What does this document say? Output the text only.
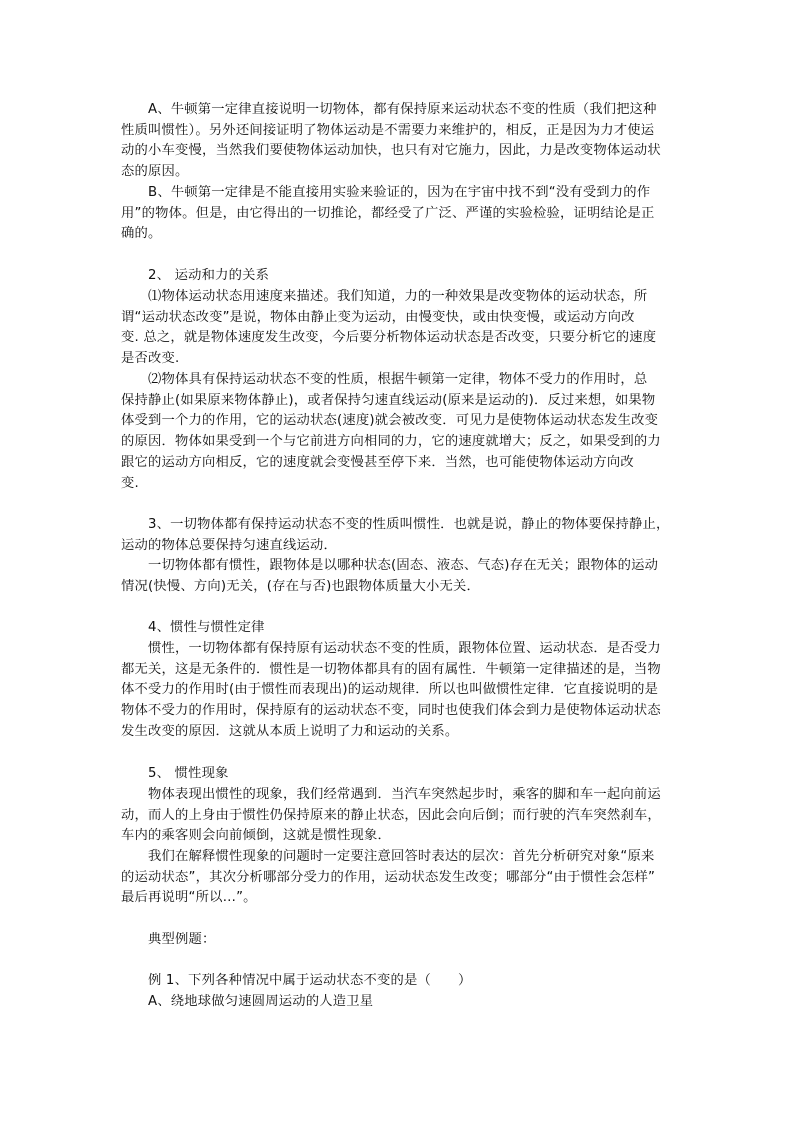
A、牛顿第一定律直接说明一切物体，都有保持原来运动状态不变的性质（我们把这种
性质叫惯性）。另外还间接证明了物体运动是不需要力来维护的，相反，正是因为力才使运
动的小车变慢，当然我们要使物体运动加快，也只有对它施力，因此，力是改变物体运动状
态的原因。
B、牛顿第一定律是不能直接用实验来验证的，因为在宇宙中找不到“没有受到力的作
用”的物体。但是，由它得出的一切推论，都经受了广泛、严谨的实验检验，证明结论是正
确的。
2、 运动和力的关系
⑴物体运动状态用速度来描述。我们知道，力的一种效果是改变物体的运动状态，所
谓“运动状态改变”是说，物体由静止变为运动，由慢变快，或由快变慢，或运动方向改
变. 总之，就是物体速度发生改变，今后要分析物体运动状态是否改变，只要分析它的速度
是否改变.
⑵物体具有保持运动状态不变的性质，根据牛顿第一定律，物体不受力的作用时，总
保持静止(如果原来物体静止)，或者保持匀速直线运动(原来是运动的)．反过来想，如果物
体受到一个力的作用，它的运动状态(速度)就会被改变．可见力是使物体运动状态发生改变
的原因．物体如果受到一个与它前进方向相同的力，它的速度就增大；反之，如果受到的力
跟它的运动方向相反，它的速度就会变慢甚至停下来．当然，也可能使物体运动方向改
变.
3、一切物体都有保持运动状态不变的性质叫惯性．也就是说，静止的物体要保持静止，
运动的物体总要保持匀速直线运动．
一切物体都有惯性，跟物体是以哪种状态(固态、液态、气态)存在无关；跟物体的运动
情况(快慢、方向)无关，(存在与否)也跟物体质量大小无关．
4、惯性与惯性定律
惯性，一切物体都有保持原有运动状态不变的性质，跟物体位置、运动状态．是否受力
都无关，这是无条件的．惯性是一切物体都具有的固有属性．牛顿第一定律描述的是，当物
体不受力的作用时(由于惯性而表现出)的运动规律．所以也叫做惯性定律．它直接说明的是
物体不受力的作用时，保持原有的运动状态不变，同时也使我们体会到力是使物体运动状态
发生改变的原因．这就从本质上说明了力和运动的关系。
5、 惯性现象
物体表现出惯性的现象，我们经常遇到．当汽车突然起步时，乘客的脚和车一起向前运
动，而人的上身由于惯性仍保持原来的静止状态，因此会向后倒；而行驶的汽车突然刹车，
车内的乘客则会向前倾倒，这就是惯性现象．
我们在解释惯性现象的问题时一定要注意回答时表达的层次：首先分析研究对象“原来
的运动状态”，其次分析哪部分受力的作用，运动状态发生改变；哪部分“由于惯性会怎样”
最后再说明“所以…”。
典型例题：
例 1、下列各种情况中属于运动状态不变的是（　　）
A、绕地球做匀速圆周运动的人造卫星
